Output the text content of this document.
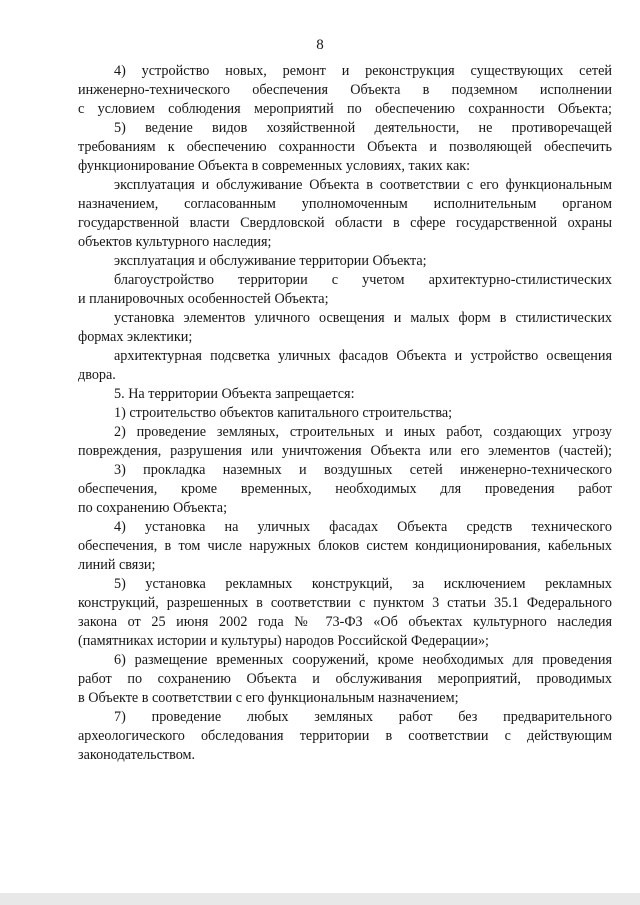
8
4) устройство новых, ремонт и реконструкция существующих сетей
инженерно-технического обеспечения Объекта в подземном исполнении
с условием соблюдения мероприятий по обеспечению сохранности Объекта;
5) ведение видов хозяйственной деятельности, не противоречащей
требованиям к обеспечению сохранности Объекта и позволяющей обеспечить
функционирование Объекта в современных условиях, таких как:
эксплуатация и обслуживание Объекта в соответствии с его функциональным
назначением, согласованным уполномоченным исполнительным органом
государственной власти Свердловской области в сфере государственной охраны
объектов культурного наследия;
эксплуатация и обслуживание территории Объекта;
благоустройство территории с учетом архитектурно-стилистических
и планировочных особенностей Объекта;
установка элементов уличного освещения и малых форм в стилистических
формах эклектики;
архитектурная подсветка уличных фасадов Объекта и устройство освещения
двора.
5. На территории Объекта запрещается:
1) строительство объектов капитального строительства;
2) проведение земляных, строительных и иных работ, создающих угрозу
повреждения, разрушения или уничтожения Объекта или его элементов (частей);
3) прокладка наземных и воздушных сетей инженерно-технического
обеспечения, кроме временных, необходимых для проведения работ
по сохранению Объекта;
4) установка на уличных фасадах Объекта средств технического
обеспечения, в том числе наружных блоков систем кондиционирования, кабельных
линий связи;
5) установка рекламных конструкций, за исключением рекламных
конструкций, разрешенных в соответствии с пунктом 3 статьи 35.1 Федерального
закона от 25 июня 2002 года № 73-ФЗ «Об объектах культурного наследия
(памятниках истории и культуры) народов Российской Федерации»;
6) размещение временных сооружений, кроме необходимых для проведения
работ по сохранению Объекта и обслуживания мероприятий, проводимых
в Объекте в соответствии с его функциональным назначением;
7) проведение любых земляных работ без предварительного
археологического обследования территории в соответствии с действующим
законодательством.
